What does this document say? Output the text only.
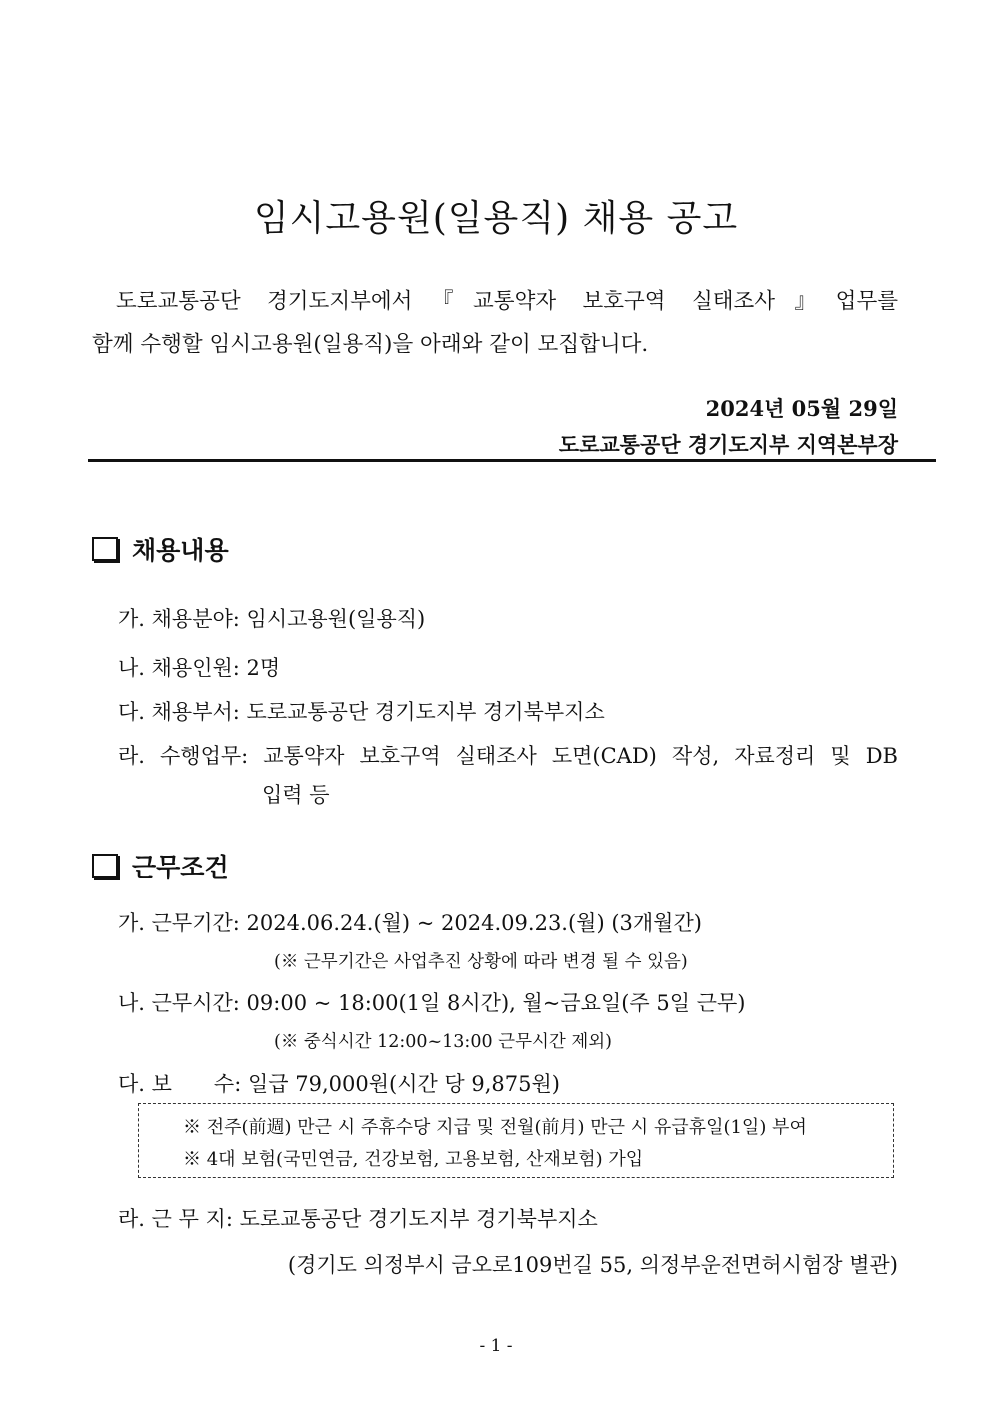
임시고용원(일용직) 채용 공고
도로교통공단 경기도지부에서『교통약자 보호구역 실태조사』업무를
함께 수행할 임시고용원(일용직)을 아래와 같이 모집합니다.
2024년 05월 29일
도로교통공단 경기도지부 지역본부장
채용내용
가. 채용분야: 임시고용원(일용직)
나. 채용인원: 2명
다. 채용부서: 도로교통공단 경기도지부 경기북부지소
라. 수행업무: 교통약자 보호구역 실태조사 도면(CAD) 작성, 자료정리 및 DB
입력 등
근무조건
가. 근무기간: 2024.06.24.(월) ~ 2024.09.23.(월) (3개월간)
(※ 근무기간은 사업추진 상황에 따라 변경 될 수 있음)
나. 근무시간: 09:00 ~ 18:00(1일 8시간), 월~금요일(주 5일 근무)
(※ 중식시간 12:00~13:00 근무시간 제외)
다. 보　　수: 일급 79,000원(시간 당 9,875원)
※ 전주(前週) 만근 시 주휴수당 지급 및 전월(前月) 만근 시 유급휴일(1일) 부여
※ 4대 보험(국민연금, 건강보험, 고용보험, 산재보험) 가입
라. 근 무 지: 도로교통공단 경기도지부 경기북부지소
(경기도 의정부시 금오로109번길 55, 의정부운전면허시험장 별관)
- 1 -
